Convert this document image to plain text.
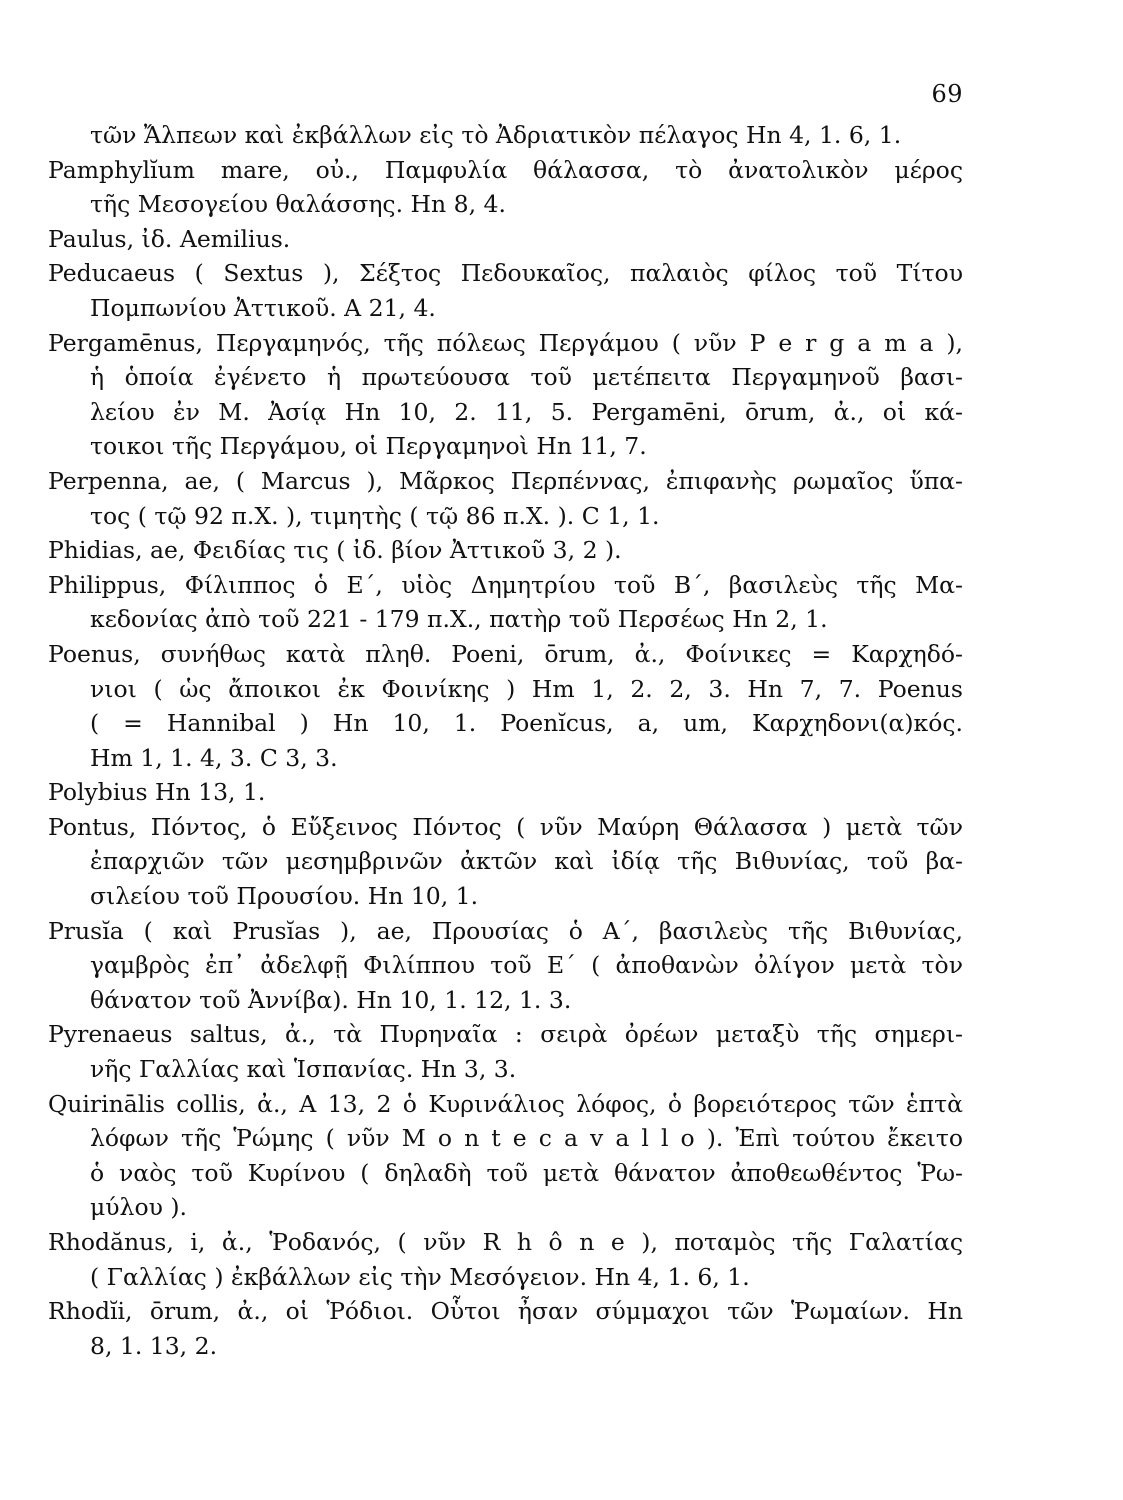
69
τῶν Ἄλπεων καὶ ἐκβάλλων εἰς τὸ Ἀδριατικὸν πέλαγος Hn 4, 1. 6, 1.
Pamphylĭum mare, οὐ., Παμφυλία θάλασσα, τὸ ἀνατολικὸν μέρος
τῆς Μεσογείου θαλάσσης. Hn 8, 4.
Paulus, ἰδ. Aemilius.
Peducaeus ( Sextus ), Σέξτος Πεδουκαῖος, παλαιὸς φίλος τοῦ Τίτου
Πομπωνίου Ἀττικοῦ. A 21, 4.
Pergamēnus, Περγαμηνός, τῆς πόλεως Περγάμου ( νῦν P e r g a m a ),
ἡ ὁποία ἐγένετο ἡ πρωτεύουσα τοῦ μετέπειτα Περγαμηνοῦ βασι-
λείου ἐν M. Ἀσίᾳ Hn 10, 2. 11, 5. Pergamēni, ōrum, ἀ., οἱ κά-
τοικοι τῆς Περγάμου, οἱ Περγαμηνοὶ Hn 11, 7.
Perpenna, ae, ( Marcus ), Μᾶρκος Περπέννας, ἐπιφανὴς ρωμαῖος ὕπα-
τος ( τῷ 92 π.Χ. ), τιμητὴς ( τῷ 86 π.Χ. ). C 1, 1.
Phidias, ae, Φειδίας τις ( ἰδ. βίον Ἀττικοῦ 3, 2 ).
Philippus, Φίλιππος ὁ Ε΄, υἱὸς Δημητρίου τοῦ Β΄, βασιλεὺς τῆς Μα-
κεδονίας ἀπὸ τοῦ 221 - 179 π.Χ., πατὴρ τοῦ Περσέως Hn 2, 1.
Poenus, συνήθως κατὰ πληθ. Poeni, ōrum, ἀ., Φοίνικες = Καρχηδό-
νιοι ( ὡς ἄποικοι ἐκ Φοινίκης ) Hm 1, 2. 2, 3. Hn 7, 7. Poenus
( = Hannibal ) Hn 10, 1. Poenĭcus, a, um, Καρχηδονι(α)κός.
Hm 1, 1. 4, 3. C 3, 3.
Polybius Hn 13, 1.
Pontus, Πόντος, ὁ Εὔξεινος Πόντος ( νῦν Μαύρη Θάλασσα ) μετὰ τῶν
ἐπαρχιῶν τῶν μεσημβρινῶν ἀκτῶν καὶ ἰδίᾳ τῆς Βιθυνίας, τοῦ βα-
σιλείου τοῦ Προυσίου. Hn 10, 1.
Prusĭa ( καὶ Prusĭas ), ae, Προυσίας ὁ Α΄, βασιλεὺς τῆς Βιθυνίας,
γαμβρὸς ἐπ᾽ ἀδελφῇ Φιλίππου τοῦ Ε΄ ( ἀποθανὼν ὀλίγον μετὰ τὸν
θάνατον τοῦ Ἀννίβα). Hn 10, 1. 12, 1. 3.
Pyrenaeus saltus, ἀ., τὰ Πυρηναῖα : σειρὰ ὀρέων μεταξὺ τῆς σημερι-
νῆς Γαλλίας καὶ Ἱσπανίας. Hn 3, 3.
Quirinālis collis, ἀ., A 13, 2 ὁ Κυρινάλιος λόφος, ὁ βορειότερος τῶν ἑπτὰ
λόφων τῆς Ῥώμης ( νῦν M o n t e c a v a l l o ). Ἐπὶ τούτου ἔκειτο
ὁ ναὸς τοῦ Κυρίνου ( δηλαδὴ τοῦ μετὰ θάνατον ἀποθεωθέντος Ῥω-
μύλου ).
Rhodănus, i, ἀ., Ῥοδανός, ( νῦν R h ô n e ), ποταμὸς τῆς Γαλατίας
( Γαλλίας ) ἐκβάλλων εἰς τὴν Μεσόγειον. Hn 4, 1. 6, 1.
Rhodĭi, ōrum, ἀ., οἱ Ῥόδιοι. Οὗτοι ἦσαν σύμμαχοι τῶν Ῥωμαίων. Hn
8, 1. 13, 2.
